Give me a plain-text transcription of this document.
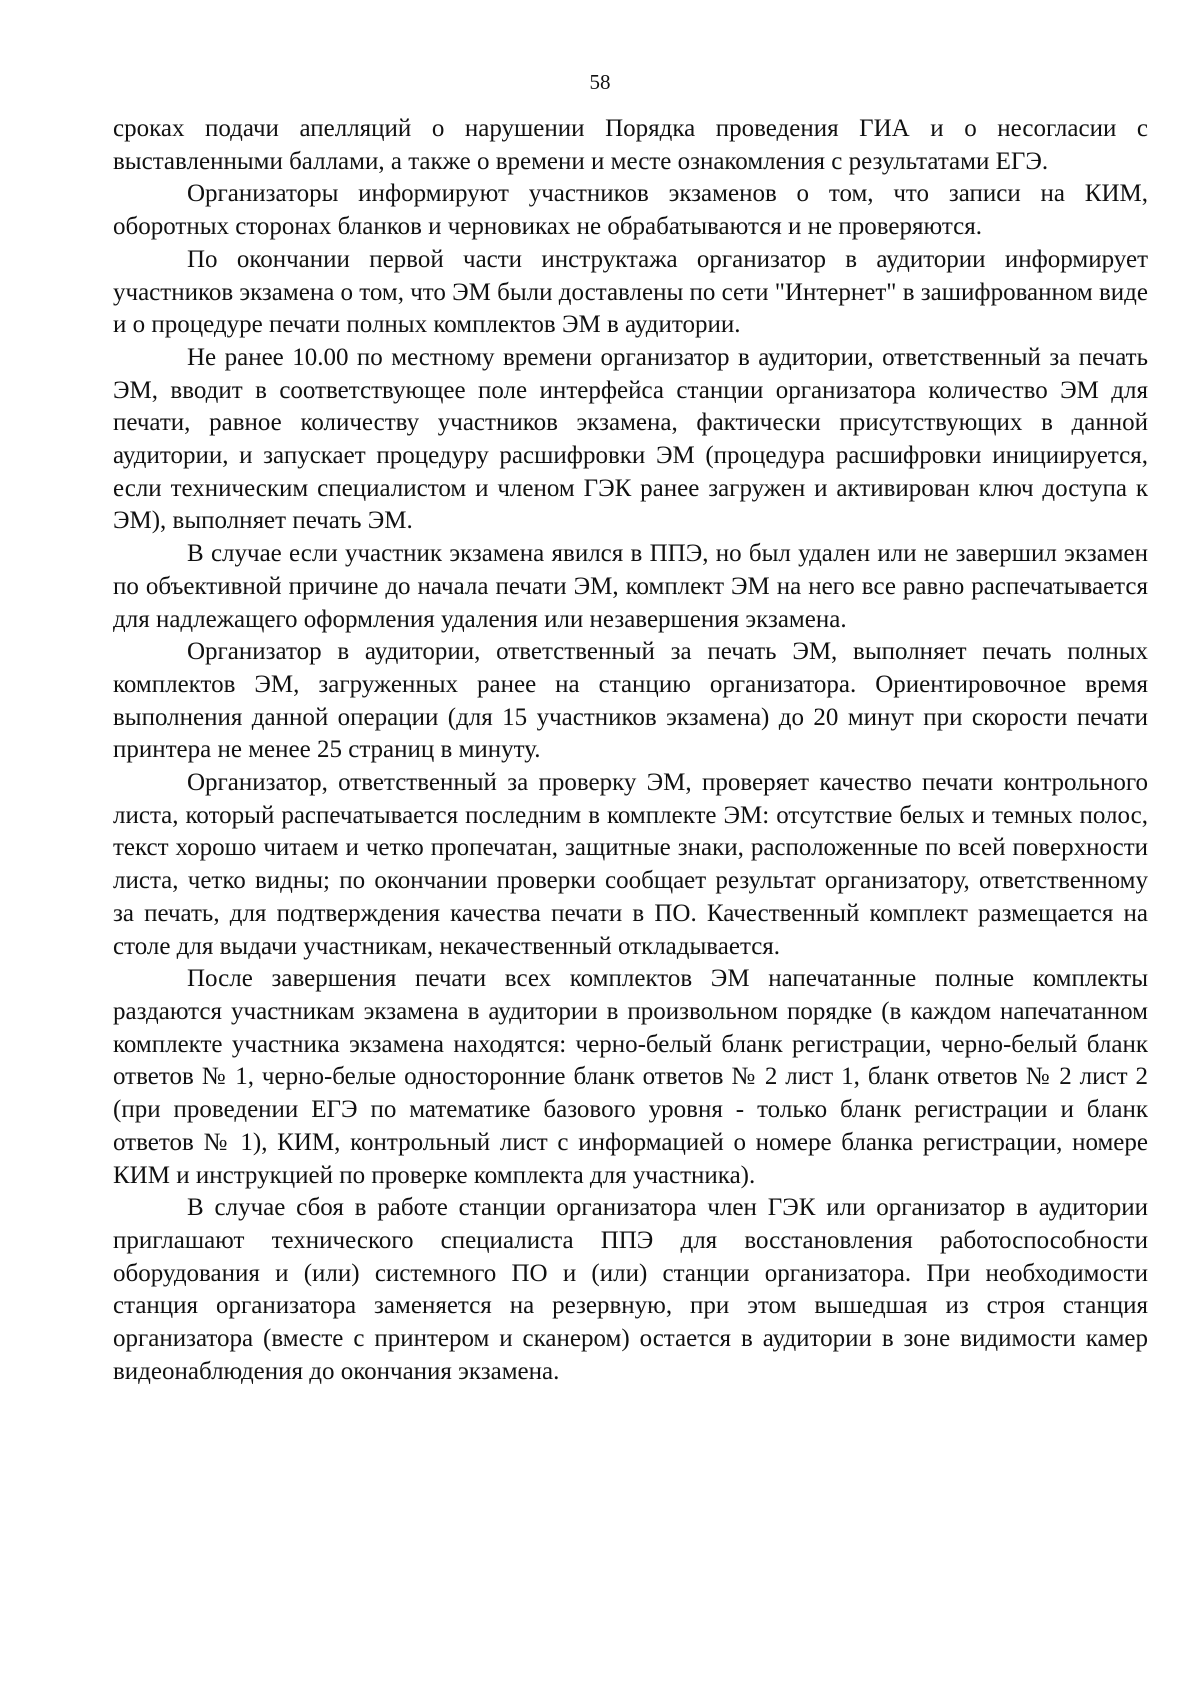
58

сроках подачи апелляций о нарушении Порядка проведения ГИА и о несогласии с выставленными баллами, а также о времени и месте ознакомления с результатами ЕГЭ.

Организаторы информируют участников экзаменов о том, что записи на КИМ, оборотных сторонах бланков и черновиках не обрабатываются и не проверяются.

По окончании первой части инструктажа организатор в аудитории информирует участников экзамена о том, что ЭМ были доставлены по сети "Интернет" в зашифрованном виде и о процедуре печати полных комплектов ЭМ в аудитории.

Не ранее 10.00 по местному времени организатор в аудитории, ответственный за печать ЭМ, вводит в соответствующее поле интерфейса станции организатора количество ЭМ для печати, равное количеству участников экзамена, фактически присутствующих в данной аудитории, и запускает процедуру расшифровки ЭМ (процедура расшифровки инициируется, если техническим специалистом и членом ГЭК ранее загружен и активирован ключ доступа к ЭМ), выполняет печать ЭМ.

В случае если участник экзамена явился в ППЭ, но был удален или не завершил экзамен по объективной причине до начала печати ЭМ, комплект ЭМ на него все равно распечатывается для надлежащего оформления удаления или незавершения экзамена.

Организатор в аудитории, ответственный за печать ЭМ, выполняет печать полных комплектов ЭМ, загруженных ранее на станцию организатора. Ориентировочное время выполнения данной операции (для 15 участников экзамена) до 20 минут при скорости печати принтера не менее 25 страниц в минуту.

Организатор, ответственный за проверку ЭМ, проверяет качество печати контрольного листа, который распечатывается последним в комплекте ЭМ: отсутствие белых и темных полос, текст хорошо читаем и четко пропечатан, защитные знаки, расположенные по всей поверхности листа, четко видны; по окончании проверки сообщает результат организатору, ответственному за печать, для подтверждения качества печати в ПО. Качественный комплект размещается на столе для выдачи участникам, некачественный откладывается.

После завершения печати всех комплектов ЭМ напечатанные полные комплекты раздаются участникам экзамена в аудитории в произвольном порядке (в каждом напечатанном комплекте участника экзамена находятся: черно-белый бланк регистрации, черно-белый бланк ответов № 1, черно-белые односторонние бланк ответов № 2 лист 1, бланк ответов № 2 лист 2 (при проведении ЕГЭ по математике базового уровня - только бланк регистрации и бланк ответов № 1), КИМ, контрольный лист с информацией о номере бланка регистрации, номере КИМ и инструкцией по проверке комплекта для участника).

В случае сбоя в работе станции организатора член ГЭК или организатор в аудитории приглашают технического специалиста ППЭ для восстановления работоспособности оборудования и (или) системного ПО и (или) станции организатора. При необходимости станция организатора заменяется на резервную, при этом вышедшая из строя станция организатора (вместе с принтером и сканером) остается в аудитории в зоне видимости камер видеонаблюдения до окончания экзамена.
